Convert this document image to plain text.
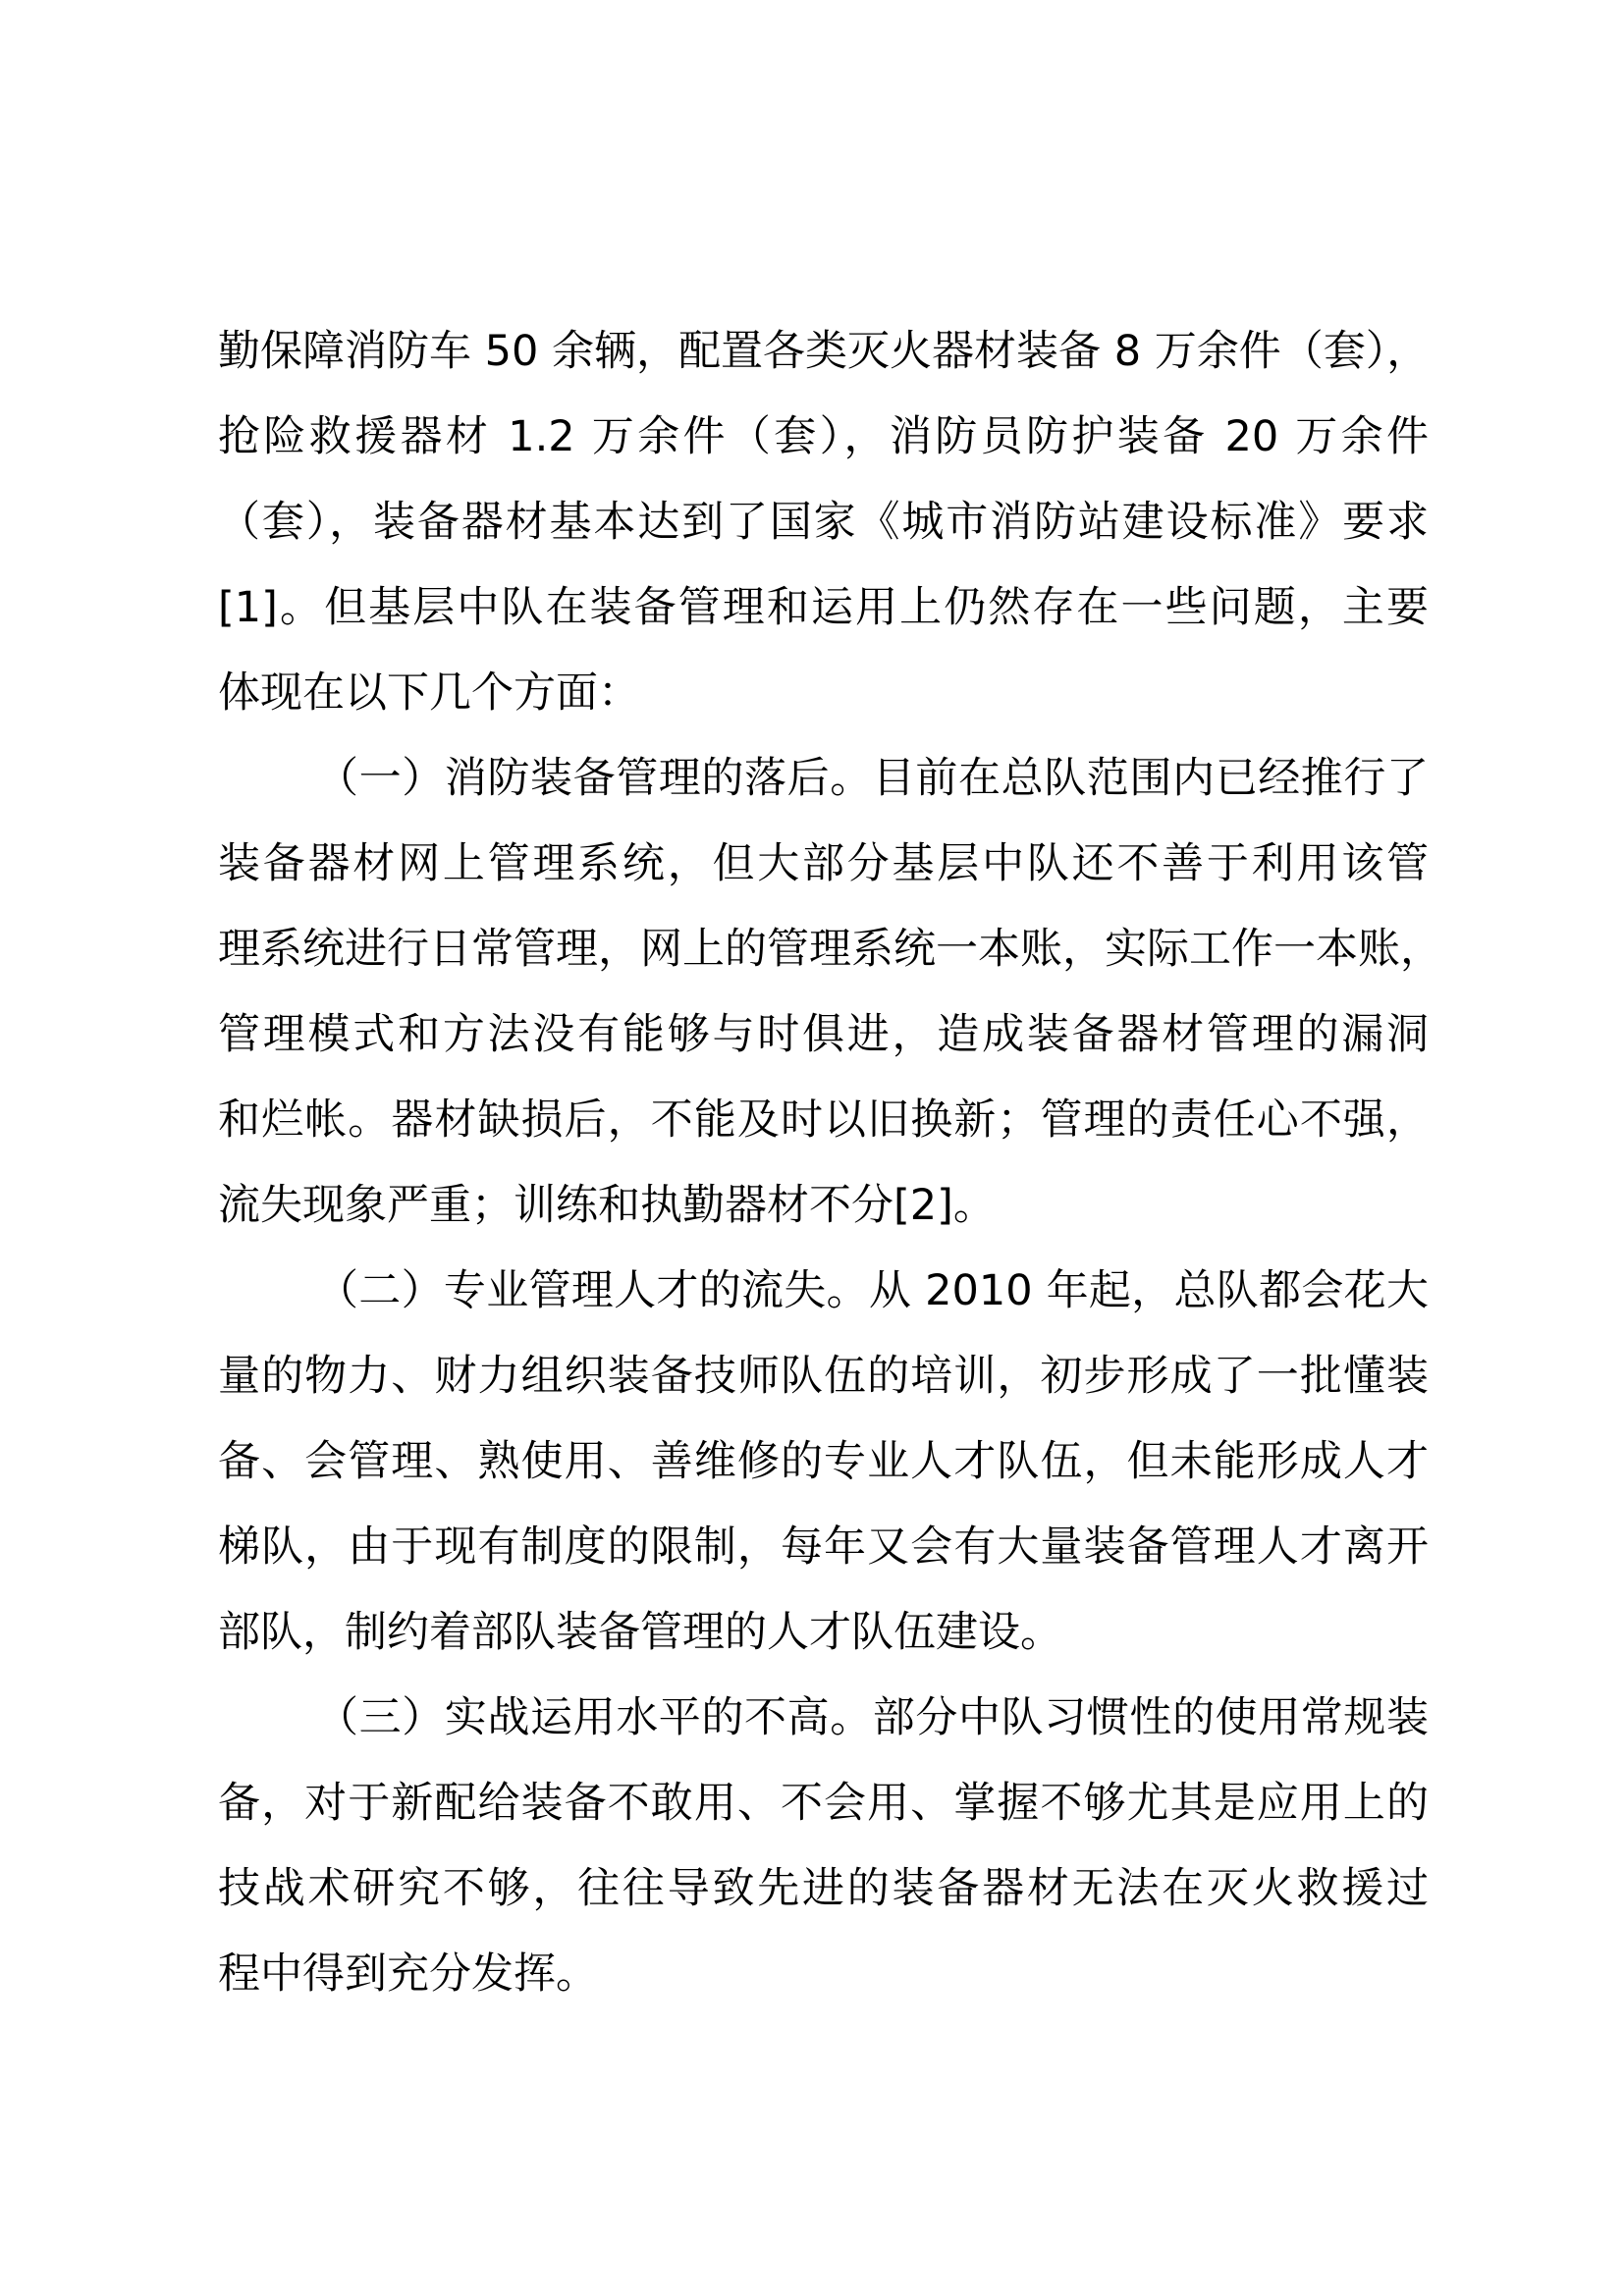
勤保障消防车 50 余辆，配置各类灭火器材装备 8 万余件（套），
抢险救援器材 1.2 万余件（套），消防员防护装备 20 万余件
（套），装备器材基本达到了国家《城市消防站建设标准》要求
[1]。但基层中队在装备管理和运用上仍然存在一些问题，主要
体现在以下几个方面：
（一）消防装备管理的落后。目前在总队范围内已经推行了
装备器材网上管理系统，但大部分基层中队还不善于利用该管
理系统进行日常管理，网上的管理系统一本账，实际工作一本账，
管理模式和方法没有能够与时俱进，造成装备器材管理的漏洞
和烂帐。器材缺损后，不能及时以旧换新；管理的责任心不强，
流失现象严重；训练和执勤器材不分[2]。
（二）专业管理人才的流失。从 2010 年起，总队都会花大
量的物力、财力组织装备技师队伍的培训，初步形成了一批懂装
备、会管理、熟使用、善维修的专业人才队伍，但未能形成人才
梯队，由于现有制度的限制，每年又会有大量装备管理人才离开
部队，制约着部队装备管理的人才队伍建设。
（三）实战运用水平的不高。部分中队习惯性的使用常规装
备，对于新配给装备不敢用、不会用、掌握不够尤其是应用上的
技战术研究不够，往往导致先进的装备器材无法在灭火救援过
程中得到充分发挥。
